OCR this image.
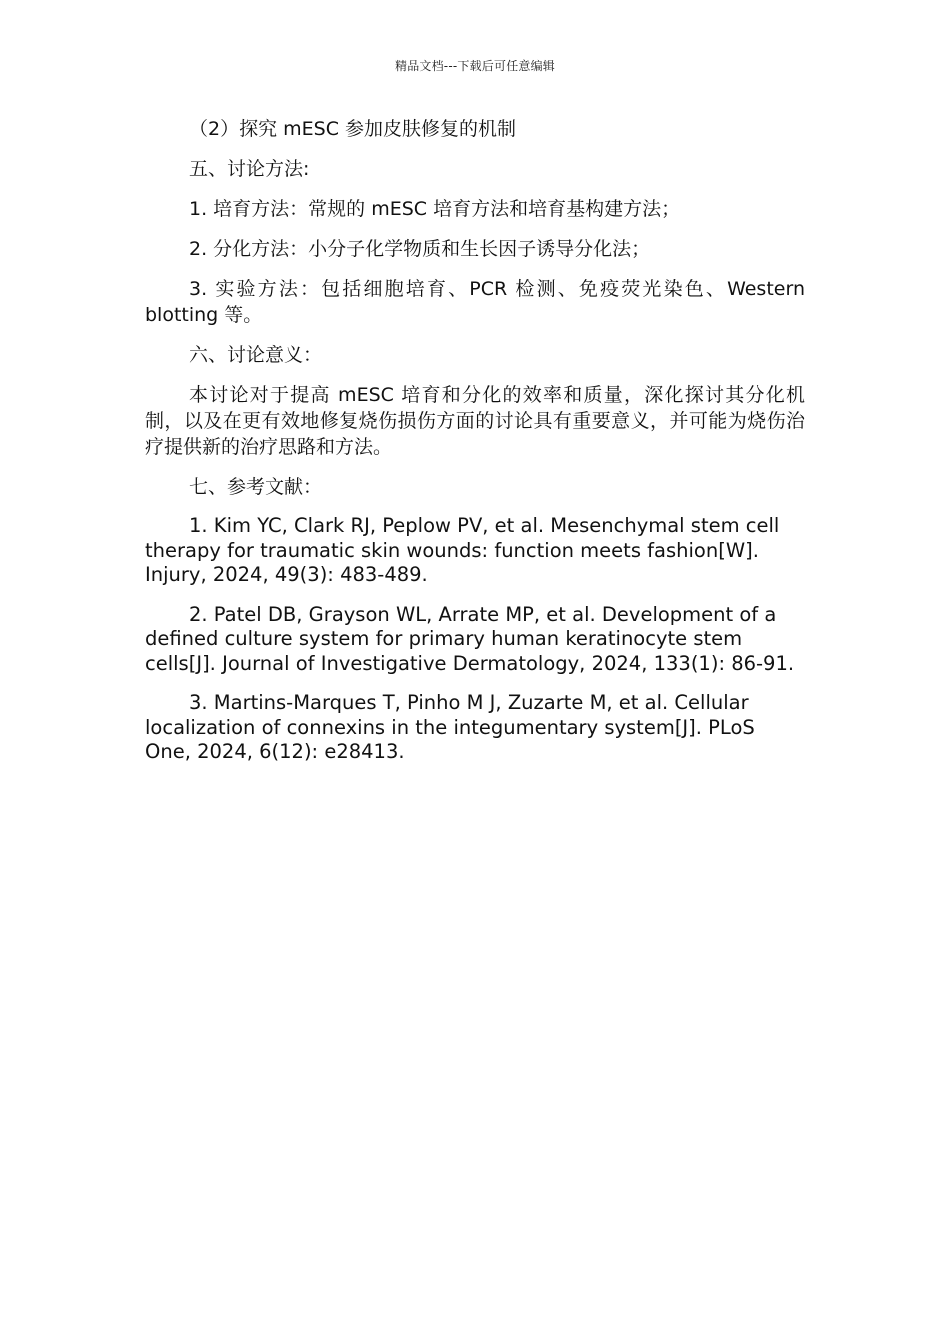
精品文档---下载后可任意编辑

（2）探究 mESC 参加皮肤修复的机制

五、讨论方法:

1. 培育方法：常规的 mESC 培育方法和培育基构建方法；

2. 分化方法：小分子化学物质和生长因子诱导分化法；

3. 实验方法：包括细胞培育、PCR 检测、免疫荧光染色、Western blotting 等。

六、讨论意义：

本讨论对于提高 mESC 培育和分化的效率和质量，深化探讨其分化机制，以及在更有效地修复烧伤损伤方面的讨论具有重要意义，并可能为烧伤治疗提供新的治疗思路和方法。

七、参考文献：

1. Kim YC, Clark RJ, Peplow PV, et al. Mesenchymal stem cell therapy for traumatic skin wounds: function meets fashion[W]. Injury, 2024, 49(3): 483-489.

2. Patel DB, Grayson WL, Arrate MP, et al. Development of a defined culture system for primary human keratinocyte stem cells[J]. Journal of Investigative Dermatology, 2024, 133(1): 86-91.

3. Martins-Marques T, Pinho M J, Zuzarte M, et al. Cellular localization of connexins in the integumentary system[J]. PLoS One, 2024, 6(12): e28413.
